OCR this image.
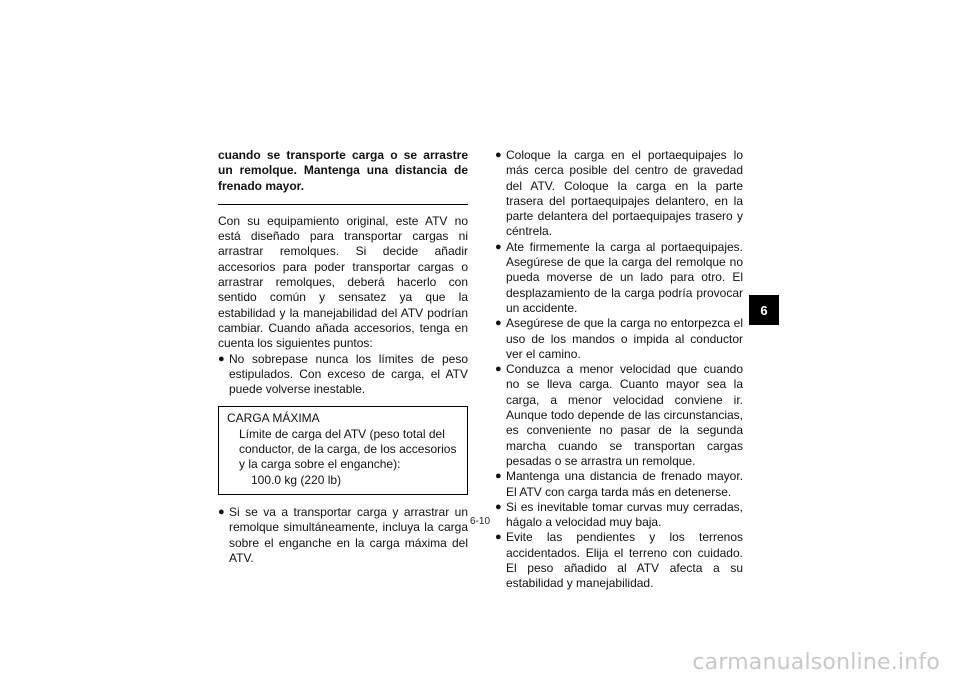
cuando se transporte carga o se arrastre un remolque. Mantenga una distancia de frenado mayor.
Con su equipamiento original, este ATV no está diseñado para transportar cargas ni arrastrar remolques. Si decide añadir accesorios para poder transportar cargas o arrastrar remolques, deberá hacerlo con sentido común y sensatez ya que la estabilidad y la manejabilidad del ATV podrían cambiar. Cuando añada accesorios, tenga en cuenta los siguientes puntos:
● No sobrepase nunca los límites de peso estipulados. Con exceso de carga, el ATV puede volverse inestable.
CARGA MÁXIMA
Límite de carga del ATV (peso total del conductor, de la carga, de los accesorios y la carga sobre el enganche):
100.0 kg (220 lb)
● Si se va a transportar carga y arrastrar un remolque simultáneamente, incluya la carga sobre el enganche en la carga máxima del ATV.
● Coloque la carga en el portaequipajes lo más cerca posible del centro de gravedad del ATV. Coloque la carga en la parte trasera del portaequipajes delantero, en la parte delantera del portaequipajes trasero y céntrela.
● Ate firmemente la carga al portaequipajes. Asegúrese de que la carga del remolque no pueda moverse de un lado para otro. El desplazamiento de la carga podría provocar un accidente.
● Asegúrese de que la carga no entorpezca el uso de los mandos o impida al conductor ver el camino.
● Conduzca a menor velocidad que cuando no se lleva carga. Cuanto mayor sea la carga, a menor velocidad conviene ir. Aunque todo depende de las circunstancias, es conveniente no pasar de la segunda marcha cuando se transportan cargas pesadas o se arrastra un remolque.
● Mantenga una distancia de frenado mayor. El ATV con carga tarda más en detenerse.
● Si es inevitable tomar curvas muy cerradas, hágalo a velocidad muy baja.
● Evite las pendientes y los terrenos accidentados. Elija el terreno con cuidado. El peso añadido al ATV afecta a su estabilidad y manejabilidad.
6
6-10
carmanualsonline.info
